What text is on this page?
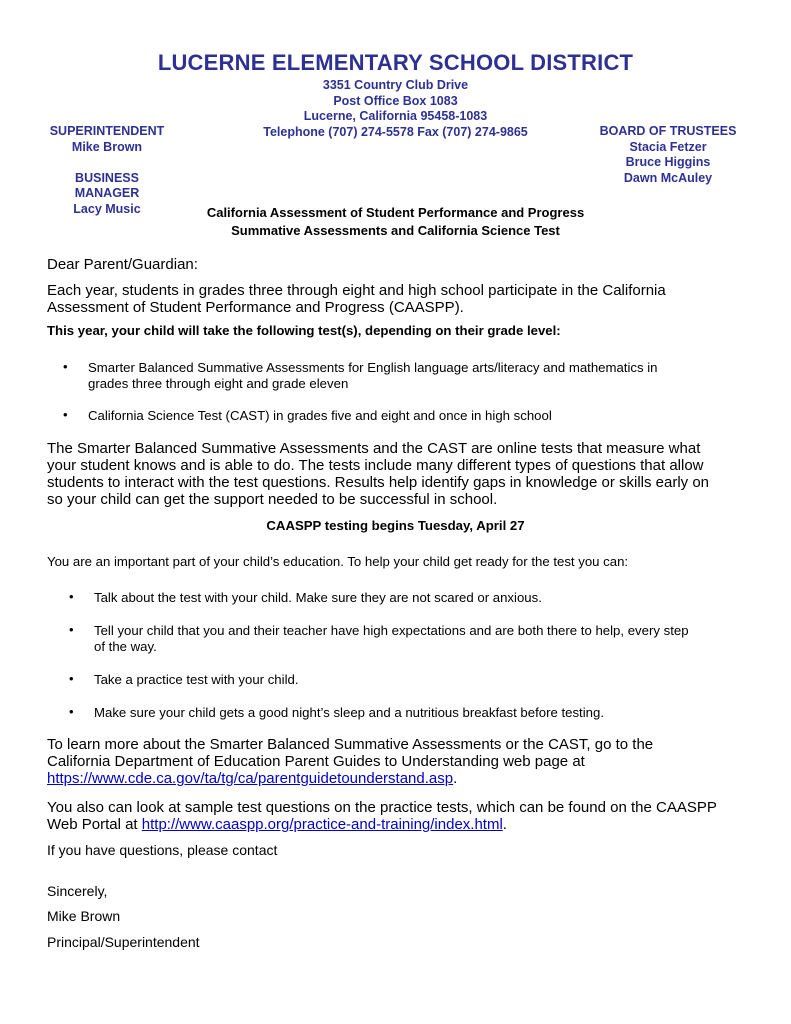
LUCERNE ELEMENTARY SCHOOL DISTRICT
3351 Country Club Drive
Post Office Box 1083
Lucerne, California 95458-1083
Telephone (707) 274-5578 Fax (707) 274-9865
SUPERINTENDENT
Mike Brown
BUSINESS MANAGER
Lacy Music
BOARD OF TRUSTEES
Stacia Fetzer
Bruce Higgins
Dawn McAuley
California Assessment of Student Performance and Progress
Summative Assessments and California Science Test
Dear Parent/Guardian:
Each year, students in grades three through eight and high school participate in the California
Assessment of Student Performance and Progress (CAASPP).
This year, your child will take the following test(s), depending on their grade level:
• Smarter Balanced Summative Assessments for English language arts/literacy and mathematics in
grades three through eight and grade eleven
• California Science Test (CAST) in grades five and eight and once in high school
The Smarter Balanced Summative Assessments and the CAST are online tests that measure what
your student knows and is able to do. The tests include many different types of questions that allow
students to interact with the test questions. Results help identify gaps in knowledge or skills early on
so your child can get the support needed to be successful in school.
CAASPP testing begins Tuesday, April 27
You are an important part of your child’s education. To help your child get ready for the test you can:
• Talk about the test with your child. Make sure they are not scared or anxious.
• Tell your child that you and their teacher have high expectations and are both there to help, every step
of the way.
• Take a practice test with your child.
• Make sure your child gets a good night’s sleep and a nutritious breakfast before testing.
To learn more about the Smarter Balanced Summative Assessments or the CAST, go to the
California Department of Education Parent Guides to Understanding web page at
https://www.cde.ca.gov/ta/tg/ca/parentguidetounderstand.asp.
You also can look at sample test questions on the practice tests, which can be found on the CAASPP
Web Portal at http://www.caaspp.org/practice-and-training/index.html.
If you have questions, please contact
Sincerely,
Mike Brown
Principal/Superintendent
